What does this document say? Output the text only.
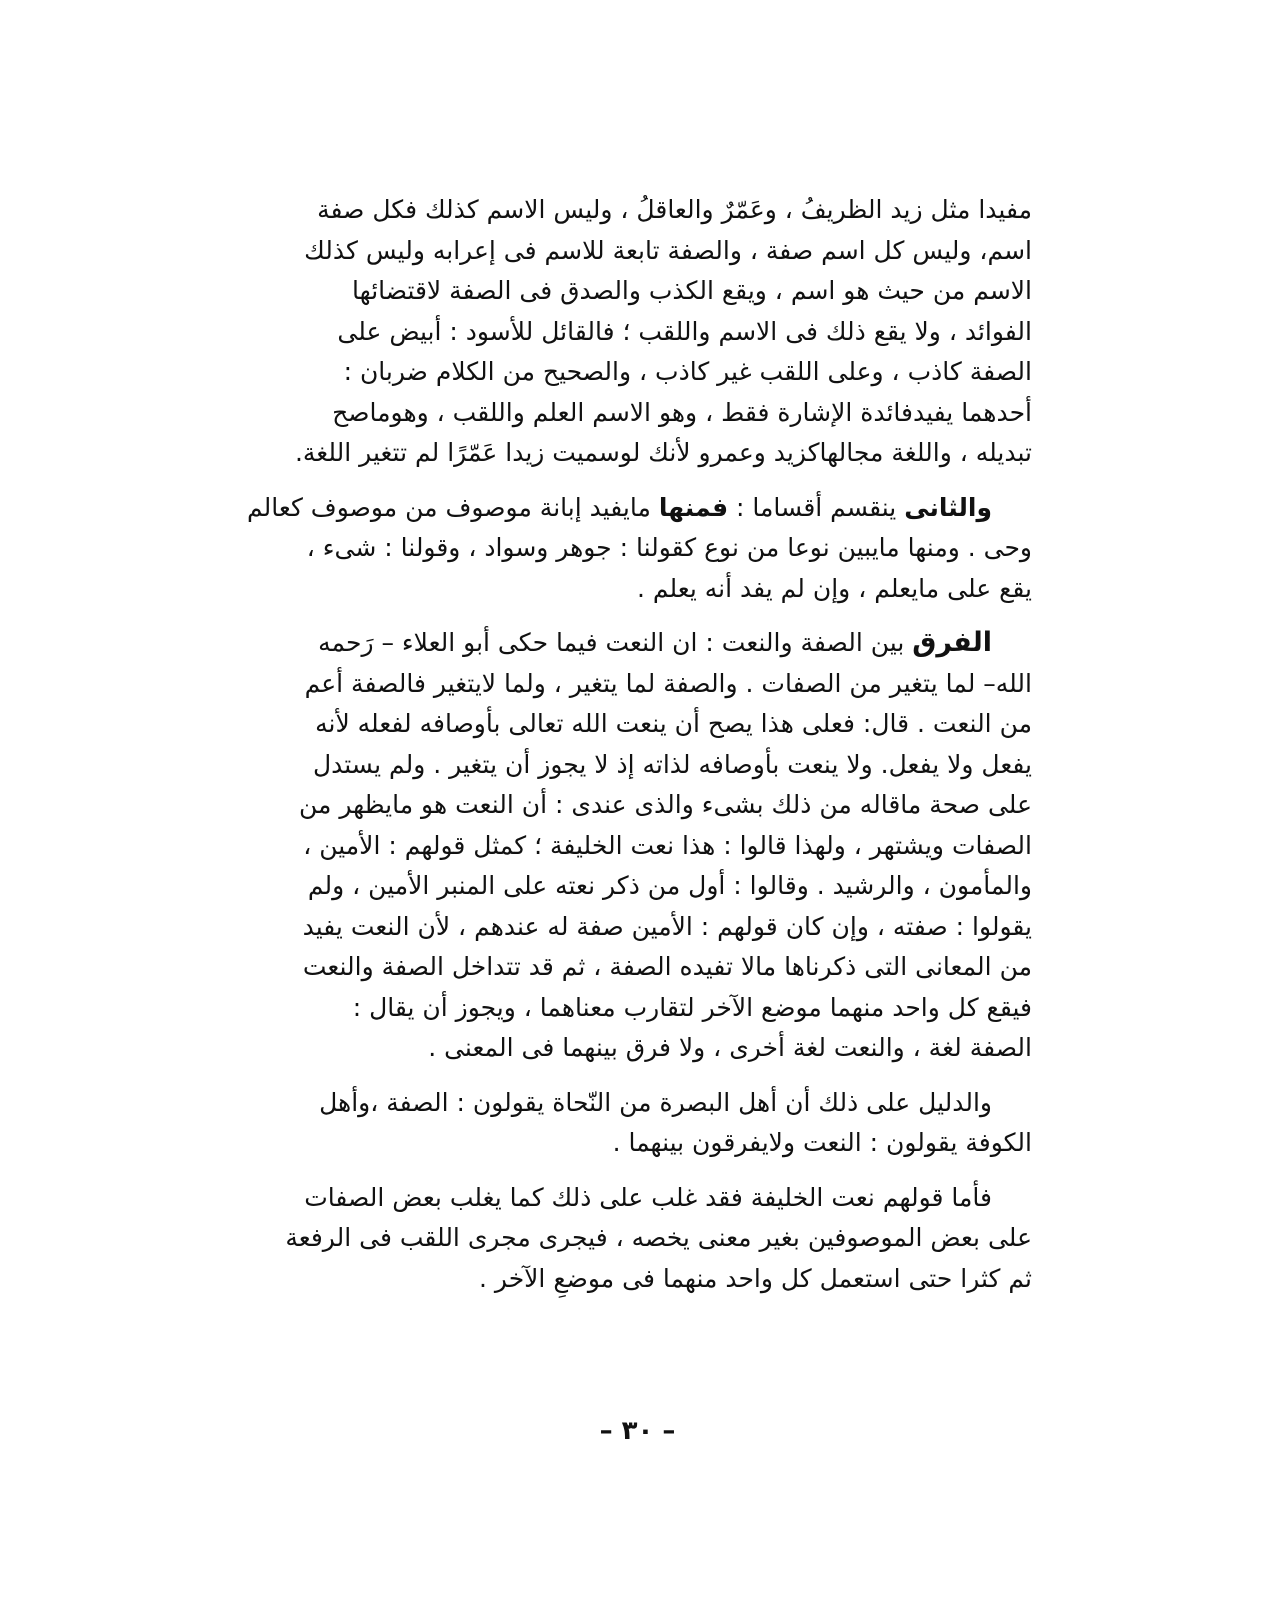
مفيدا مثل زيد الظريفُ ، وعَمّرٌ والعاقلُ ، وليس الاسم كذلك فكل صفة
اسم، وليس كل اسم صفة ، والصفة تابعة للاسم فى إعرابه وليس كذلك
الاسم من حيث هو اسم ، ويقع الكذب والصدق فى الصفة لاقتضائها
الفوائد ، ولا يقع ذلك فى الاسم واللقب ؛ فالقائل للأسود : أبيض على
الصفة كاذب ، وعلى اللقب غير كاذب ، والصحيح من الكلام ضربان :
أحدهما يفيدفائدة الإشارة فقط ، وهو الاسم العلم واللقب ، وهوماصح
تبديله ، واللغة مجالهاكزيد وعمرو لأنك لوسميت زيدا عَمّرًا لم تتغير اللغة.

والثانى ينقسم أقساما : فمنها مايفيد إبانة موصوف من موصوف كعالم
وحى . ومنها مايبين نوعا من نوع كقولنا : جوهر وسواد ، وقولنا : شىء ،
يقع على مايعلم ، وإن لم يفد أنه يعلم .

الفرق بين الصفة والنعت : ان النعت فيما حكى أبو العلاء – رَحمه
الله– لما يتغير من الصفات . والصفة لما يتغير ، ولما لايتغير فالصفة أعم
من النعت . قال: فعلى هذا يصح أن ينعت الله تعالى بأوصافه لفعله لأنه
يفعل ولا يفعل. ولا ينعت بأوصافه لذاته إذ لا يجوز أن يتغير . ولم يستدل
على صحة ماقاله من ذلك بشىء والذى عندى : أن النعت هو مايظهر من
الصفات ويشتهر ، ولهذا قالوا : هذا نعت الخليفة ؛ كمثل قولهم : الأمين ،
والمأمون ، والرشيد . وقالوا : أول من ذكر نعته على المنبر الأمين ، ولم
يقولوا : صفته ، وإن كان قولهم : الأمين صفة له عندهم ، لأن النعت يفيد
من المعانى التى ذكرناها مالا تفيده الصفة ، ثم قد تتداخل الصفة والنعت
فيقع كل واحد منهما موضع الآخر لتقارب معناهما ، ويجوز أن يقال :
الصفة لغة ، والنعت لغة أخرى ، ولا فرق بينهما فى المعنى .

والدليل على ذلك أن أهل البصرة من النّحاة يقولون : الصفة ،وأهل
الكوفة يقولون : النعت ولايفرقون بينهما .

فأما قولهم نعت الخليفة فقد غلب على ذلك كما يغلب بعض الصفات
على بعض الموصوفين بغير معنى يخصه ، فيجرى مجرى اللقب فى الرفعة
ثم كثرا حتى استعمل كل واحد منهما فى موضعِ الآخر .

– ٣٠ –
